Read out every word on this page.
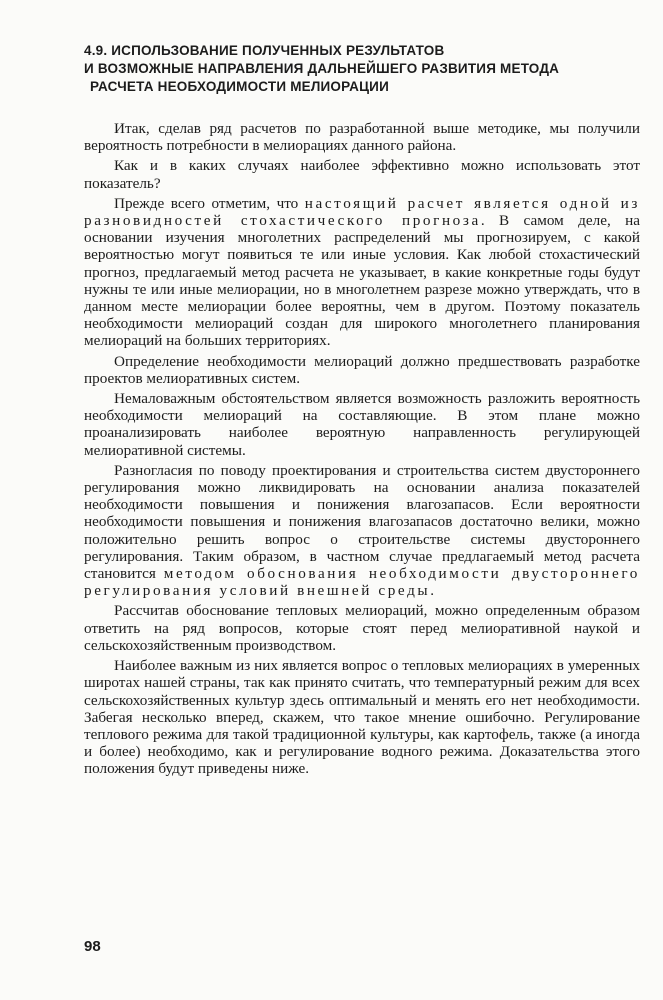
4.9. ИСПОЛЬЗОВАНИЕ ПОЛУЧЕННЫХ РЕЗУЛЬТАТОВ
И ВОЗМОЖНЫЕ НАПРАВЛЕНИЯ ДАЛЬНЕЙШЕГО РАЗВИТИЯ МЕТОДА
РАСЧЕТА НЕОБХОДИМОСТИ МЕЛИОРАЦИИ

Итак, сделав ряд расчетов по разработанной выше методике, мы получили вероятность потребности в мелиорациях данного района.

Как и в каких случаях наиболее эффективно можно использовать этот показатель?

Прежде всего отметим, что настоящий расчет является одной из разновидностей стохастического прогноза. В самом деле, на основании изучения многолетних распределений мы прогнозируем, с какой вероятностью могут появиться те или иные условия. Как любой стохастический прогноз, предлагаемый метод расчета не указывает, в какие конкретные годы будут нужны те или иные мелиорации, но в многолетнем разрезе можно утверждать, что в данном месте мелиорации более вероятны, чем в другом. Поэтому показатель необходимости мелиораций создан для широкого многолетнего планирования мелиораций на больших территориях.

Определение необходимости мелиораций должно предшествовать разработке проектов мелиоративных систем.

Немаловажным обстоятельством является возможность разложить вероятность необходимости мелиораций на составляющие. В этом плане можно проанализировать наиболее вероятную направленность регулирующей мелиоративной системы.

Разногласия по поводу проектирования и строительства систем двустороннего регулирования можно ликвидировать на основании анализа показателей необходимости повышения и понижения влагозапасов. Если вероятности необходимости повышения и понижения влагозапасов достаточно велики, можно положительно решить вопрос о строительстве системы двустороннего регулирования. Таким образом, в частном случае предлагаемый метод расчета становится методом обоснования необходимости двустороннего регулирования условий внешней среды.

Рассчитав обоснование тепловых мелиораций, можно определенным образом ответить на ряд вопросов, которые стоят перед мелиоративной наукой и сельскохозяйственным производством.

Наиболее важным из них является вопрос о тепловых мелиорациях в умеренных широтах нашей страны, так как принято считать, что температурный режим для всех сельскохозяйственных культур здесь оптимальный и менять его нет необходимости. Забегая несколько вперед, скажем, что такое мнение ошибочно. Регулирование теплового режима для такой традиционной культуры, как картофель, также (а иногда и более) необходимо, как и регулирование водного режима. Доказательства этого положения будут приведены ниже.

98
